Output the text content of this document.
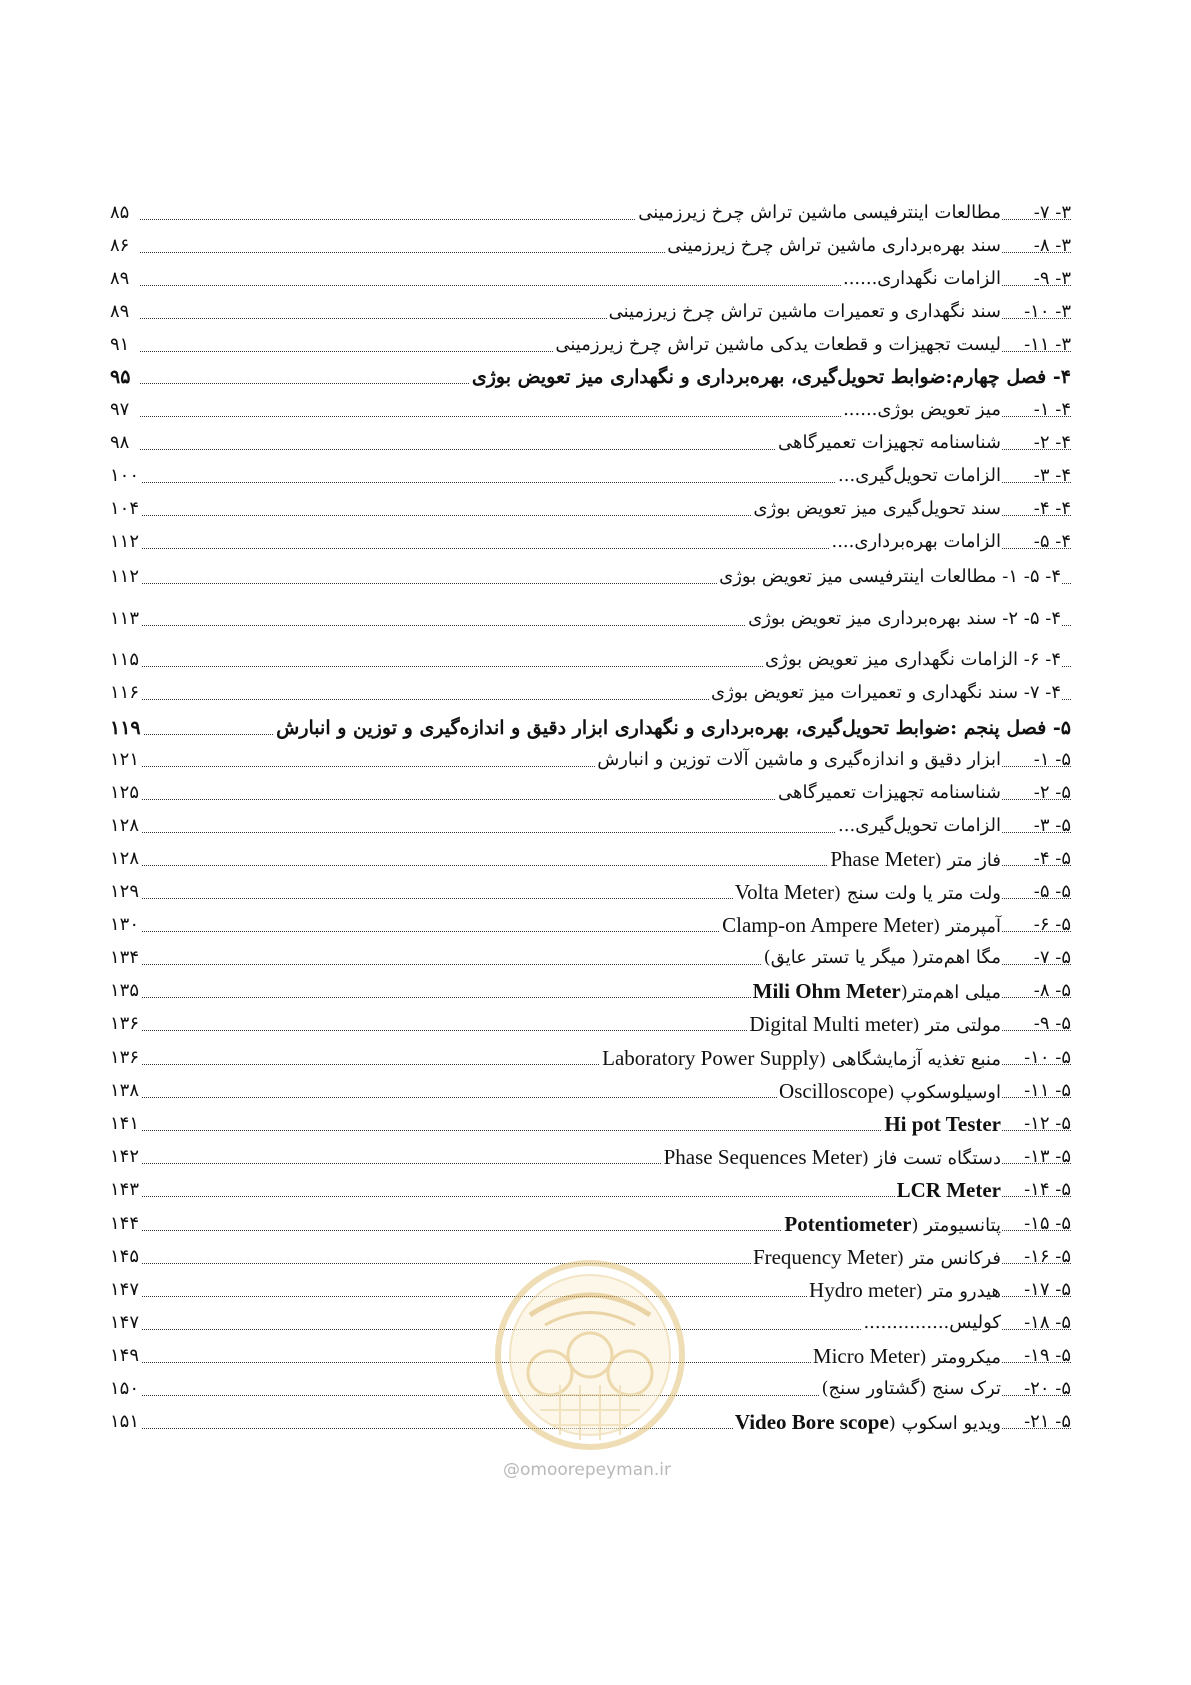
۳- ۷-
مطالعات اینترفیسی ماشین تراش چرخ زیرزمینی
۸۵
۳- ۸-
سند بهره‌برداری ماشین تراش چرخ زیرزمینی
۸۶
۳- ۹-
الزامات نگهداری......
۸۹
۳- ۱۰-
سند نگهداری و تعمیرات ماشین تراش چرخ زیرزمینی
۸۹
۳- ۱۱-
لیست تجهیزات و قطعات یدکی ماشین تراش چرخ زیرزمینی
۹۱
۴- فصل چهارم:ضوابط تحویل‌گیری، بهره‌برداری و نگهداری میز تعویض بوژی
۹۵
۴- ۱-
میز تعویض بوژی......
۹۷
۴- ۲-
شناسنامه تجهیزات تعمیرگاهی
۹۸
۴- ۳-
الزامات تحویل‌گیری...
۱۰۰
۴- ۴-
سند تحویل‌گیری میز تعویض بوژی
۱۰۴
۴- ۵-
الزامات بهره‌برداری....
۱۱۲
۴- ۵- ۱- مطالعات اینترفیسی میز تعویض بوژی
۱۱۲
۴- ۵- ۲- سند بهره‌برداری میز تعویض بوژی
۱۱۳
۴- ۶- الزامات نگهداری میز تعویض بوژی
۱۱۵
۴- ۷- سند نگهداری و تعمیرات میز تعویض بوژی
۱۱۶
۵- فصل پنجم :ضوابط تحویل‌گیری، بهره‌برداری و نگهداری ابزار دقیق و اندازه‌گیری و توزین و انبارش
۱۱۹
۵- ۱-
ابزار دقیق و اندازه‌گیری و ماشین آلات توزین و انبارش
۱۲۱
۵- ۲-
شناسنامه تجهیزات تعمیرگاهی
۱۲۵
۵- ۳-
الزامات تحویل‌گیری...
۱۲۸
۵- ۴-
فاز متر (Phase Meter
۱۲۸
۵- ۵-
ولت متر یا ولت سنج (Volta Meter
۱۲۹
۵- ۶-
آمپرمتر (Clamp-on Ampere Meter
۱۳۰
۵- ۷-
مگا اهم‌متر( میگر یا تستر عایق)
۱۳۴
۵- ۸-
میلی اهم‌متر(Mili Ohm Meter
۱۳۵
۵- ۹-
مولتی متر (Digital Multi meter
۱۳۶
۵- ۱۰-
منبع تغذیه آزمایشگاهی (Laboratory Power Supply
۱۳۶
۵- ۱۱-
اوسیلوسکوپ (Oscilloscope
۱۳۸
۵- ۱۲-
Hi pot Tester
۱۴۱
۵- ۱۳-
دستگاه تست فاز (Phase Sequences Meter
۱۴۲
۵- ۱۴-
LCR Meter
۱۴۳
۵- ۱۵-
پتانسیومتر (Potentiometer
۱۴۴
۵- ۱۶-
فرکانس متر (Frequency Meter
۱۴۵
۵- ۱۷-
هیدرو متر (Hydro meter
۱۴۷
۵- ۱۸-
کولیس...............
۱۴۷
۵- ۱۹-
میکرومتر (Micro Meter
۱۴۹
۵- ۲۰-
ترک سنج (گشتاور سنج)
۱۵۰
۵- ۲۱-
ویدیو اسکوپ (Video Bore scope
۱۵۱
@omoorepeyman.ir
